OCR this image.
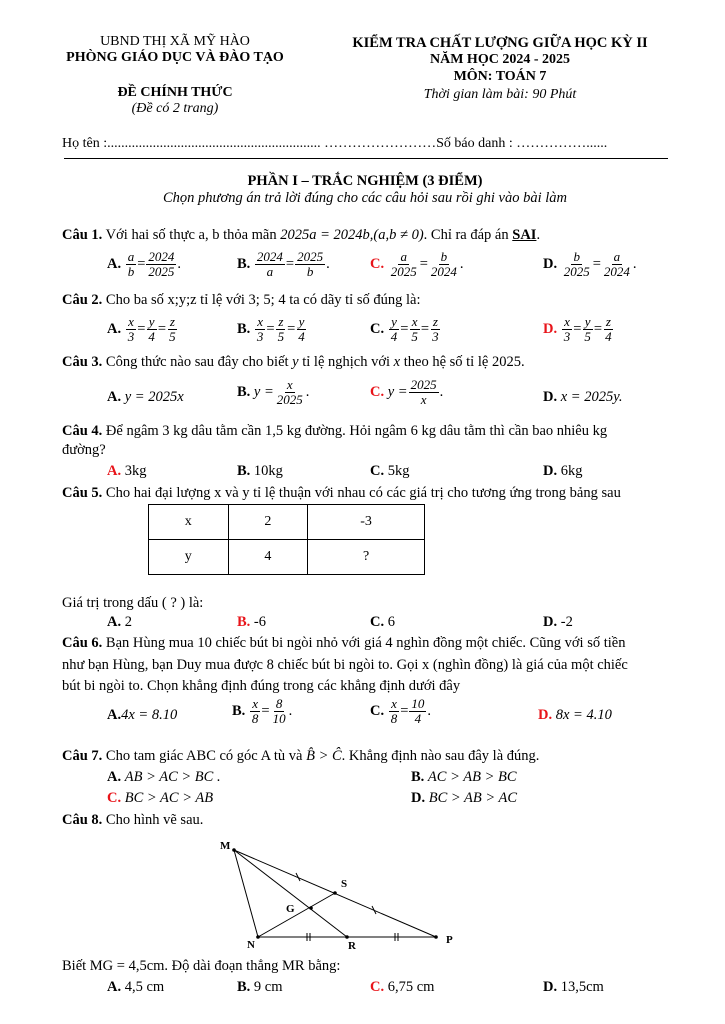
UBND THỊ XÃ MỸ HÀO
PHÒNG GIÁO DỤC VÀ ĐÀO TẠO
ĐỀ CHÍNH THỨC
(Đề có 2 trang)
KIỂM TRA CHẤT LƯỢNG GIỮA HỌC KỲ II
NĂM HỌC 2024 - 2025
MÔN: TOÁN 7
Thời gian làm bài: 90 Phút
Họ tên :............................................................. ……………………Số báo danh : ……………......
PHẦN I – TRẮC NGHIỆM (3 ĐIỂM)
Chọn phương án trả lời đúng cho các câu hỏi sau rồi ghi vào bài làm
Câu 1. Với hai số thực a, b thỏa mãn 2025a = 2024b,(a,b ≠ 0). Chỉ ra đáp án SAI.
A. $\frac{a}{b} = \frac{2024}{2025}$ .	B. $\frac{2024}{a} = \frac{2025}{b}$ .	C. $\frac{a}{2025} = \frac{b}{2024}$ .	D. $\frac{b}{2025} = \frac{a}{2024}$ .
Câu 2. Cho ba số x;y;z tỉ lệ với 3; 5; 4 ta có dãy tỉ số đúng là:
A. $\frac{x}{3} = \frac{y}{4} = \frac{z}{5}$	B. $\frac{x}{3} = \frac{z}{5} = \frac{y}{4}$	C. $\frac{y}{4} = \frac{x}{5} = \frac{z}{3}$	D. $\frac{x}{3} = \frac{y}{5} = \frac{z}{4}$
Câu 3. Công thức nào sau đây cho biết y tỉ lệ nghịch với x theo hệ số tỉ lệ 2025.
A. y = 2025x	B. $y = \frac{x}{2025}$ .	C. $y = \frac{2025}{x}$ .	D. x = 2025y.
Câu 4. Để ngâm 3 kg dâu tằm cần 1,5 kg đường. Hỏi ngâm 6 kg dâu tằm thì cần bao nhiêu kg
đường?
A. 3kg	B. 10kg	C. 5kg	D. 6kg
Câu 5. Cho hai đại lượng x và y tỉ lệ thuận với nhau có các giá trị cho tương ứng trong bảng sau
x	2	-3
y	4	?
Giá trị trong dấu ( ? ) là:
A. 2	B. -6	C. 6	D. -2
Câu 6. Bạn Hùng mua 10 chiếc bút bi ngòi nhỏ với giá 4 nghìn đồng một chiếc. Cũng với số tiền
như bạn Hùng, bạn Duy mua được 8 chiếc bút bi ngòi to. Gọi x (nghìn đồng) là giá của một chiếc
bút bi ngòi to. Chọn khẳng định đúng trong các khẳng định dưới đây
A.4x = 8.10	B. $\frac{x}{8} = \frac{8}{10}$ .	C. $\frac{x}{8} = \frac{10}{4}$ .	D. 8x = 4.10
Câu 7. Cho tam giác ABC có góc A tù và B̂ > Ĉ. Khẳng định nào sau đây là đúng.
A. AB > AC > BC .	B. AC > AB > BC
C. BC > AC > AB	D. BC > AB > AC
Câu 8. Cho hình vẽ sau.
M
S
G
N	R	P
Biết MG = 4,5cm. Độ dài đoạn thẳng MR bằng:
A. 4,5 cm	B. 9 cm	C. 6,75 cm	D. 13,5cm
